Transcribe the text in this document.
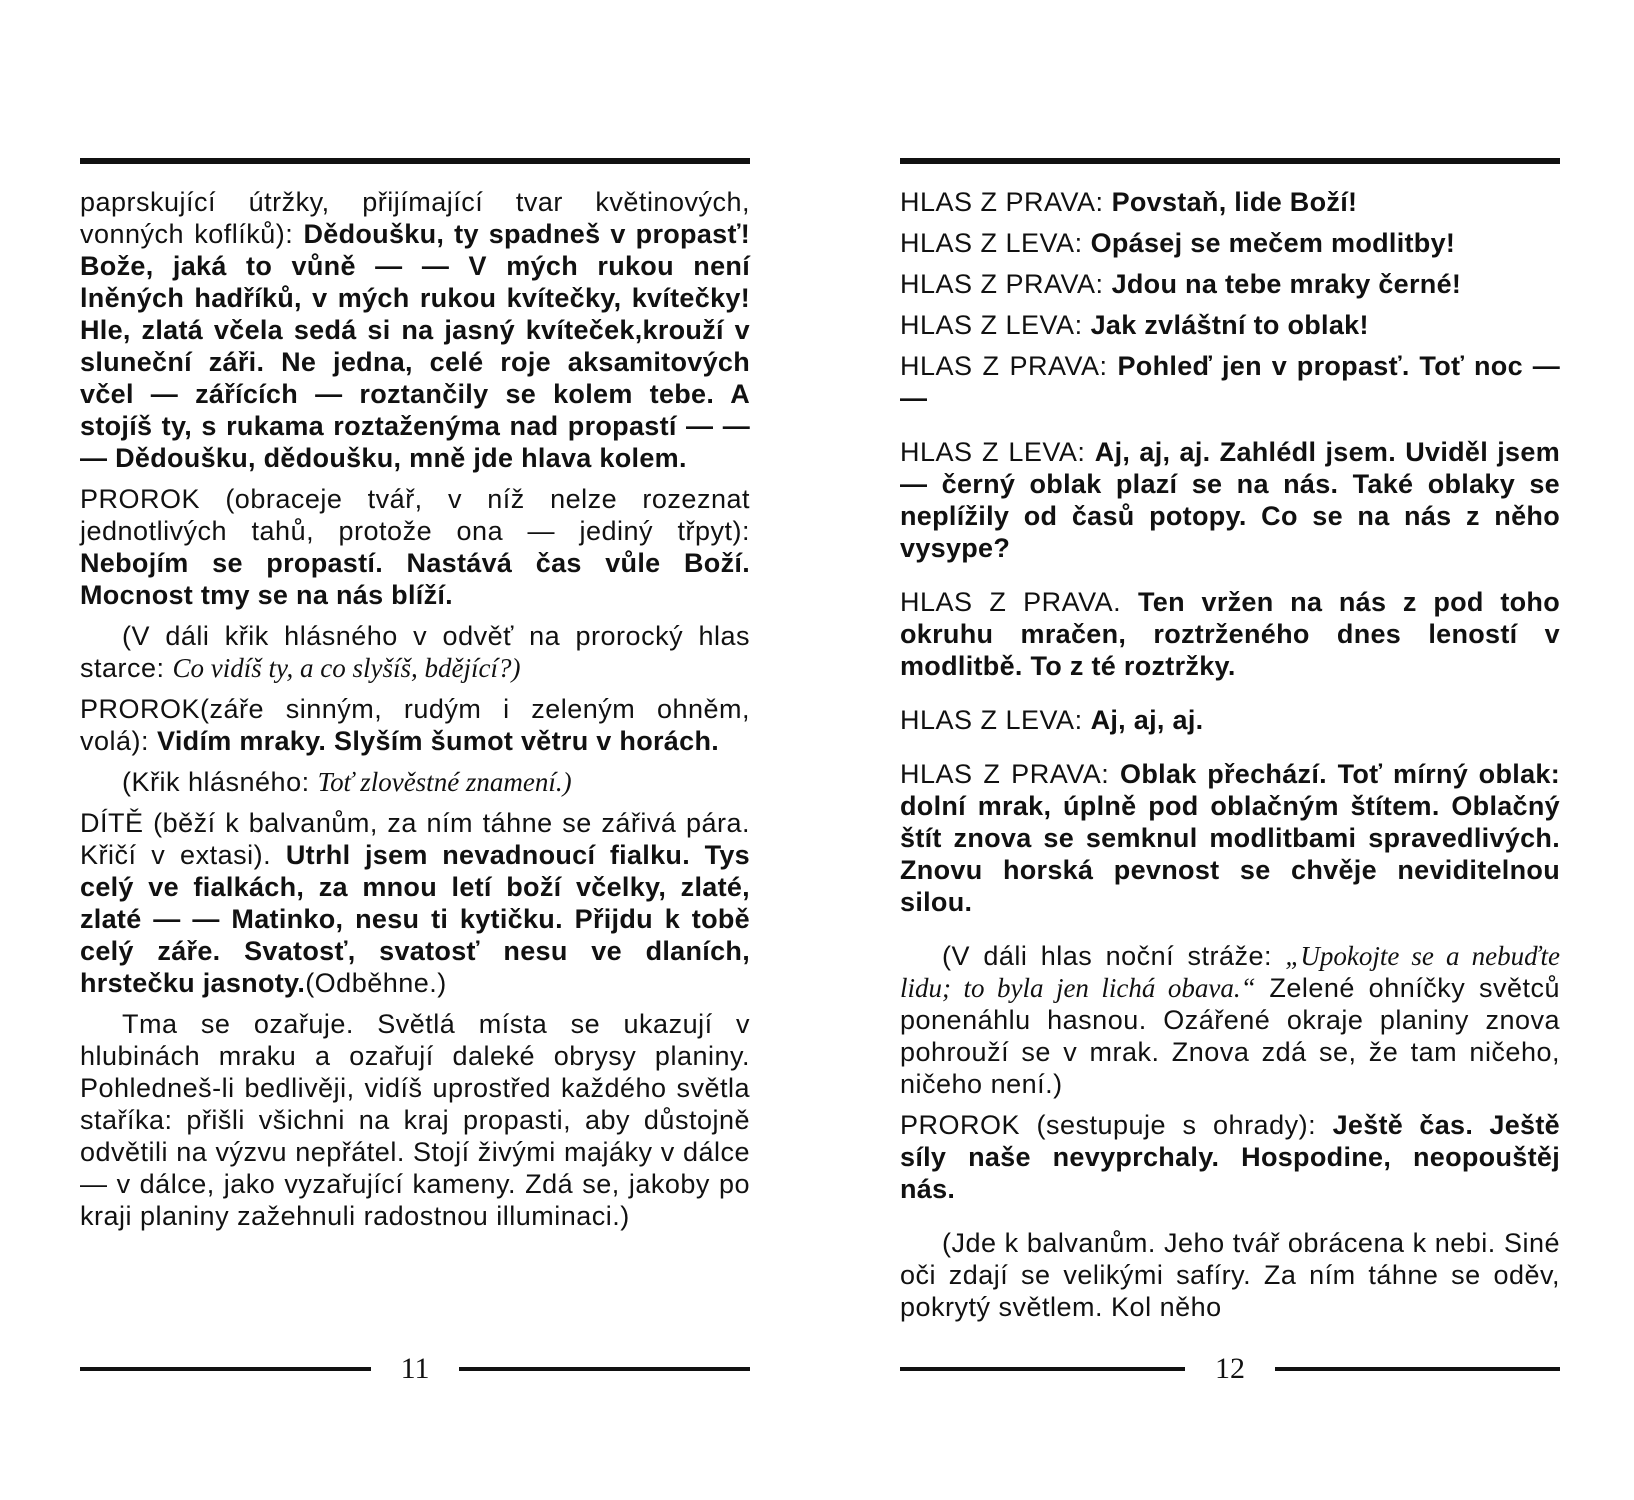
paprskující útržky, přijímající tvar květinových, vonných koflíků): Dědoušku, ty spadneš v propasť! Bože, jaká to vůně — — V mých rukou není lněných hadříků, v mých rukou kvítečky, kvítečky! Hle, zlatá včela sedá si na jasný kvíteček,krouží v sluneční záři. Ne jedna, celé roje aksamitových včel — zářících — roztančily se kolem tebe. A stojíš ty, s rukama roztaženýma nad propastí — — — Dědoušku, dědoušku, mně jde hlava kolem.

PROROK (obraceje tvář, v níž nelze rozeznat jednotlivých tahů, protože ona — jediný třpyt): Nebojím se propastí. Nastává čas vůle Boží. Mocnost tmy se na nás blíží.

(V dáli křik hlásného v odvěť na prorocký hlas starce: Co vidíš ty, a co slyšíš, bdějící?)

PROROK(záře sinným, rudým i zeleným ohněm, volá): Vidím mraky. Slyším šumot větru v horách.

(Křik hlásného: Toť zlověstné znamení.)

DÍTĚ (běží k balvanům, za ním táhne se zářivá pára. Křičí v extasi). Utrhl jsem nevadnoucí fialku. Tys celý ve fialkách, za mnou letí boží včelky, zlaté, zlaté — — Matinko, nesu ti kytičku. Přijdu k tobě celý záře. Svatosť, svatosť nesu ve dlaních, hrstečku jasnoty.(Odběhne.)

Tma se ozařuje. Světlá místa se ukazují v hlubinách mraku a ozařují daleké obrysy planiny. Pohledneš-li bedlivěji, vidíš uprostřed každého světla staříka: přišli všichni na kraj propasti, aby důstojně odvětili na výzvu nepřátel. Stojí živými majáky v dálce — v dálce, jako vyzařující kameny. Zdá se, jakoby po kraji planiny zažehnuli radostnou illuminaci.)

11

HLAS Z PRAVA: Povstaň, lide Boží!

HLAS Z LEVA: Opásej se mečem modlitby!

HLAS Z PRAVA: Jdou na tebe mraky černé!

HLAS Z LEVA: Jak zvláštní to oblak!

HLAS Z PRAVA: Pohleď jen v propasť. Toť noc — —

HLAS Z LEVA: Aj, aj, aj. Zahlédl jsem. Uviděl jsem — černý oblak plazí se na nás. Také oblaky se neplížily od časů potopy. Co se na nás z něho vysype?

HLAS Z PRAVA. Ten vržen na nás z pod toho okruhu mračen, roztrženého dnes leností v modlitbě. To z té roztržky.

HLAS Z LEVA: Aj, aj, aj.

HLAS Z PRAVA: Oblak přechází. Toť mírný oblak: dolní mrak, úplně pod oblačným štítem. Oblačný štít znova se semknul modlitbami spravedlivých. Znovu horská pevnost se chvěje neviditelnou silou.

(V dáli hlas noční stráže: „Upokojte se a nebuďte lidu; to byla jen lichá obava.“ Zelené ohníčky světců ponenáhlu hasnou. Ozářené okraje planiny znova pohrouží se v mrak. Znova zdá se, že tam ničeho, ničeho není.)

PROROK (sestupuje s ohrady): Ještě čas. Ještě síly naše nevyprchaly. Hospodine, neopouštěj nás.

(Jde k balvanům. Jeho tvář obrácena k nebi. Siné oči zdají se velikými safíry. Za ním táhne se oděv, pokrytý světlem. Kol něho

12
